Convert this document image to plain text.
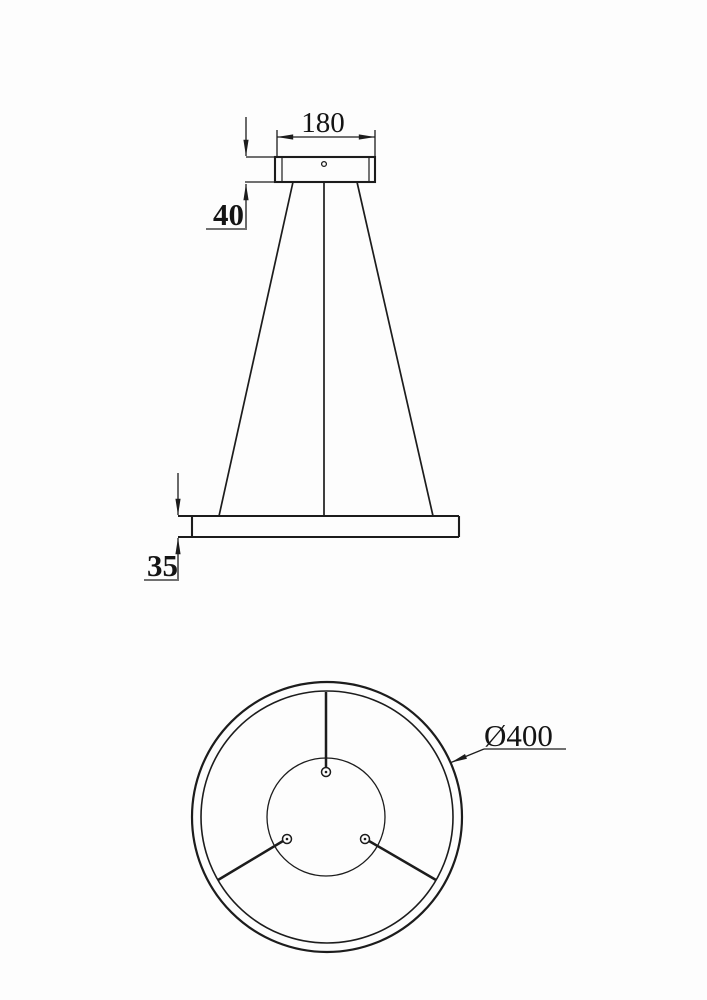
180
40
35
Ø400
